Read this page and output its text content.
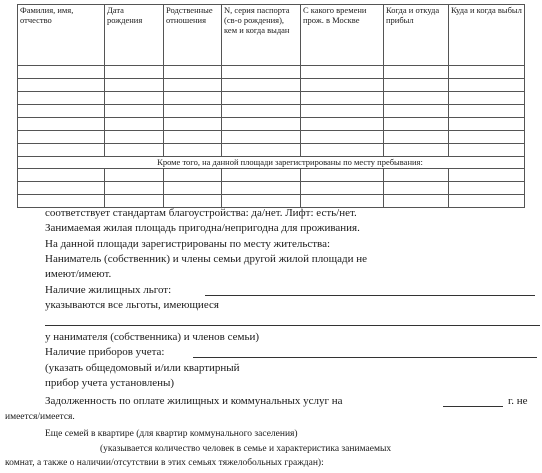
Фамилия, имя, отчество	Дата рождения	Родственные отношения	N, серия паспорта (св-о рождения), кем и когда выдан	С какого времени прож. в Москве	Когда и откуда прибыл	Куда и когда выбыл

Кроме того, на данной площади зарегистрированы по месту пребывания:						

соответствует стандартам благоустройства: да/нет. Лифт: есть/нет.
Занимаемая жилая площадь пригодна/непригодна для проживания.
На данной площади зарегистрированы по месту жительства:
Наниматель (собственник) и члены семьи другой жилой площади не
имеют/имеют.
Наличие жилищных льгот:
указываются все льготы, имеющиеся
у нанимателя (собственника) и членов семьи)
Наличие приборов учета:
(указать общедомовый и/или квартирный
прибор учета установлены)
Задолженность по оплате жилищных и коммунальных услуг на	г. не
имеется/имеется.
Еще семей в квартире (для квартир коммунального заселения)
(указывается количество человек в семье и характеристика занимаемых
комнат, а также о наличии/отсутствии в этих семьях тяжелобольных граждан):
